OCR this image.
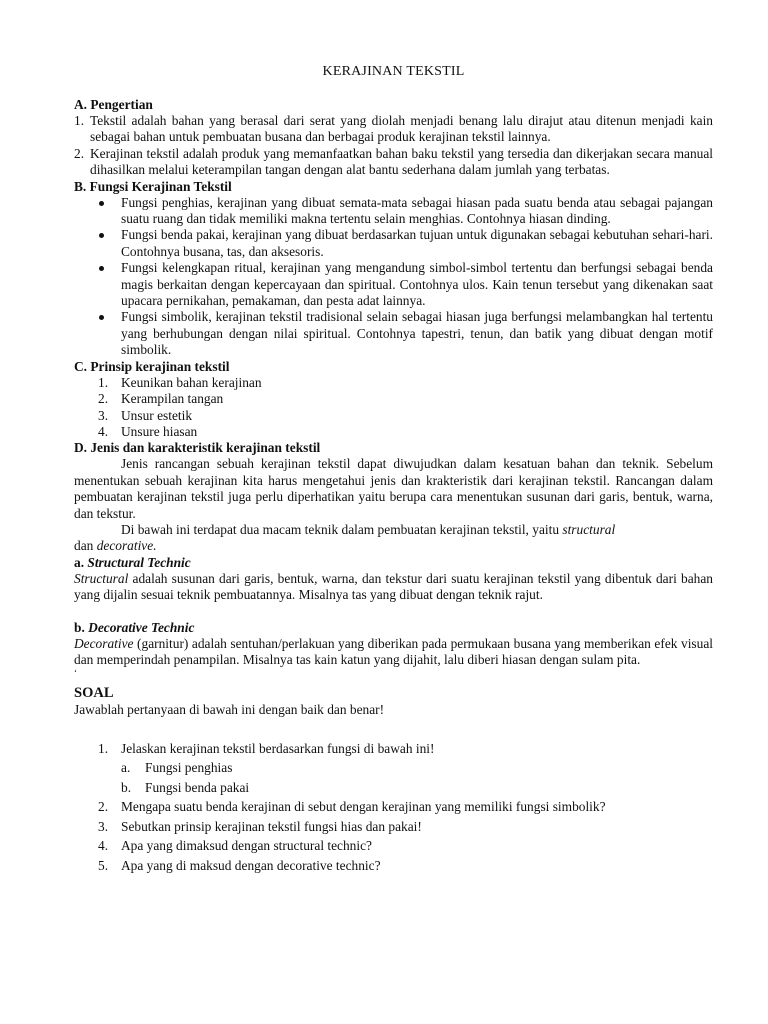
KERAJINAN TEKSTIL
A. Pengertian
1. Tekstil adalah bahan yang berasal dari serat yang diolah menjadi benang lalu dirajut atau ditenun menjadi kain sebagai bahan untuk pembuatan busana dan berbagai produk kerajinan tekstil lainnya.
2. Kerajinan tekstil adalah produk yang memanfaatkan bahan baku tekstil yang tersedia dan dikerjakan secara manual dihasilkan melalui keterampilan tangan dengan alat bantu sederhana dalam jumlah yang terbatas.
B. Fungsi Kerajinan Tekstil
Fungsi penghias, kerajinan yang dibuat semata-mata sebagai hiasan pada suatu benda atau sebagai pajangan suatu ruang dan tidak memiliki makna tertentu selain menghias. Contohnya hiasan dinding.
Fungsi benda pakai, kerajinan yang dibuat berdasarkan tujuan untuk digunakan sebagai kebutuhan sehari-hari. Contohnya busana, tas, dan aksesoris.
Fungsi kelengkapan ritual, kerajinan yang mengandung simbol-simbol tertentu dan berfungsi sebagai benda magis berkaitan dengan kepercayaan dan spiritual. Contohnya ulos. Kain tenun tersebut yang dikenakan saat upacara pernikahan, pemakaman, dan pesta adat lainnya.
Fungsi simbolik, kerajinan tekstil tradisional selain sebagai hiasan juga berfungsi melambangkan hal tertentu yang berhubungan dengan nilai spiritual. Contohnya tapestri, tenun, dan batik yang dibuat dengan motif simbolik.
C. Prinsip kerajinan tekstil
1. Keunikan bahan kerajinan
2. Kerampilan tangan
3. Unsur estetik
4. Unsure hiasan
D. Jenis dan karakteristik kerajinan tekstil

Jenis rancangan sebuah kerajinan tekstil dapat diwujudkan dalam kesatuan bahan dan teknik. Sebelum menentukan sebuah kerajinan kita harus mengetahui jenis dan krakteristik dari kerajinan tekstil. Rancangan dalam pembuatan kerajinan tekstil juga perlu diperhatikan yaitu berupa cara menentukan susunan dari garis, bentuk, warna, dan tekstur.

Di bawah ini terdapat dua macam teknik dalam pembuatan kerajinan tekstil, yaitu structural

dan decorative.

a. Structural Technic

Structural adalah susunan dari garis, bentuk, warna, dan tekstur dari suatu kerajinan tekstil yang dibentuk dari bahan yang dijalin sesuai teknik pembuatannya. Misalnya tas yang dibuat dengan teknik rajut.

b. Decorative Technic

Decorative (garnitur) adalah sentuhan/perlakuan yang diberikan pada permukaan busana yang memberikan efek visual dan memperindah penampilan. Misalnya tas kain katun yang dijahit, lalu diberi hiasan dengan sulam pita.

‘
SOAL

Jawablah pertanyaan di bawah ini dengan baik dan benar!

1. Jelaskan kerajinan tekstil berdasarkan fungsi di bawah ini!
a.	Fungsi penghias
b.	Fungsi benda pakai
2. Mengapa suatu benda kerajinan di sebut dengan kerajinan yang memiliki fungsi simbolik?
3. Sebutkan prinsip kerajinan tekstil fungsi hias dan pakai!
4. Apa yang dimaksud dengan structural technic?
5. Apa yang di maksud dengan decorative technic?
